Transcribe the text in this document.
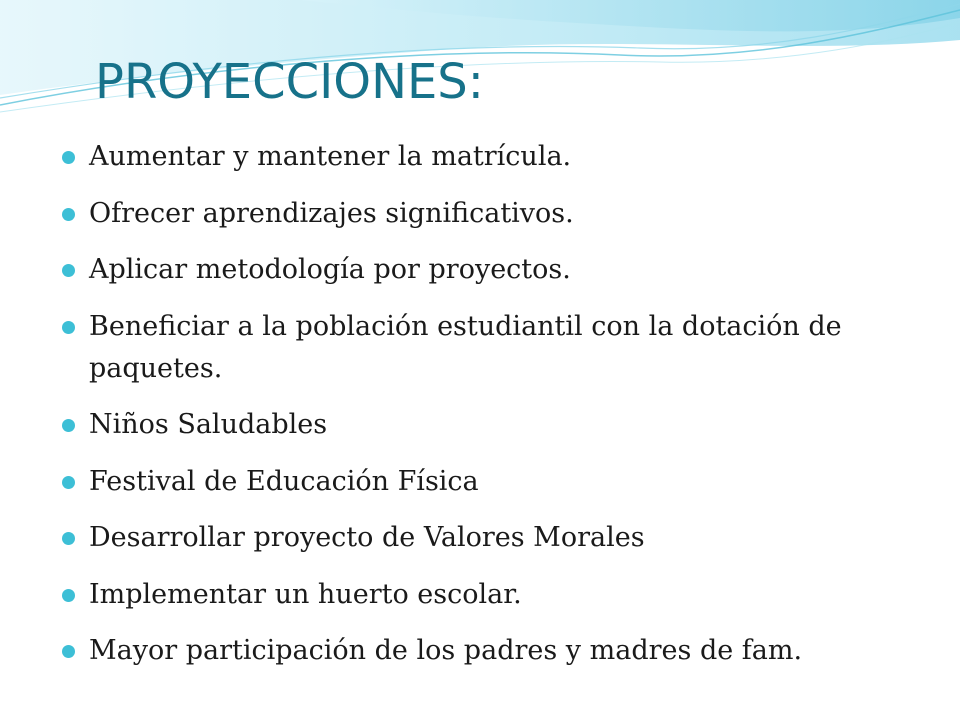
PROYECCIONES:
Aumentar y mantener la matrícula.
Ofrecer aprendizajes significativos.
Aplicar metodología por proyectos.
Beneficiar a la población estudiantil con la dotación de paquetes.
Niños Saludables
Festival de Educación Física
Desarrollar proyecto de Valores Morales
Implementar un huerto escolar.
Mayor participación de los padres y madres de fam.
